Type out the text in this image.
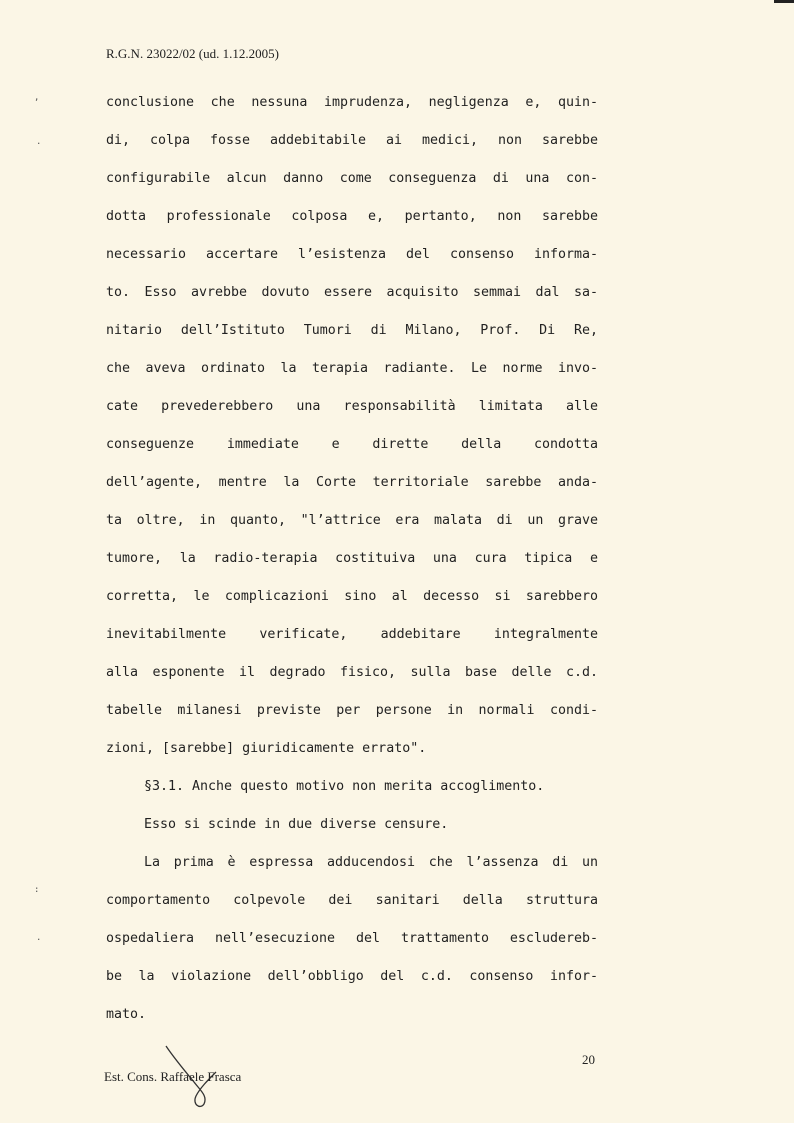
R.G.N. 23022/02 (ud. 1.12.2005)
,
.
:
.
conclusione che nessuna imprudenza, negligenza e, quin-
di, colpa fosse addebitabile ai medici, non sarebbe
configurabile alcun danno come conseguenza di una con-
dotta professionale colposa e, pertanto, non sarebbe
necessario accertare l’esistenza del consenso informa-
to. Esso avrebbe dovuto essere acquisito semmai dal sa-
nitario dell’Istituto Tumori di Milano, Prof. Di Re,
che aveva ordinato la terapia radiante. Le norme invo-
cate prevederebbero una responsabilità limitata alle
conseguenze immediate e dirette della condotta
dell’agente, mentre la Corte territoriale sarebbe anda-
ta oltre, in quanto, "l’attrice era malata di un grave
tumore, la radio-terapia costituiva una cura tipica e
corretta, le complicazioni sino al decesso si sarebbero
inevitabilmente verificate, addebitare integralmente
alla esponente il degrado fisico, sulla base delle c.d.
tabelle milanesi previste per persone in normali condi-
zioni, [sarebbe] giuridicamente errato".
§3.1. Anche questo motivo non merita accoglimento.
Esso si scinde in due diverse censure.
La prima è espressa adducendosi che l’assenza di un
comportamento colpevole dei sanitari della struttura
ospedaliera nell’esecuzione del trattamento escludereb-
be la violazione dell’obbligo del c.d. consenso infor-
mato.
20
Est. Cons. Raffaele Frasca
